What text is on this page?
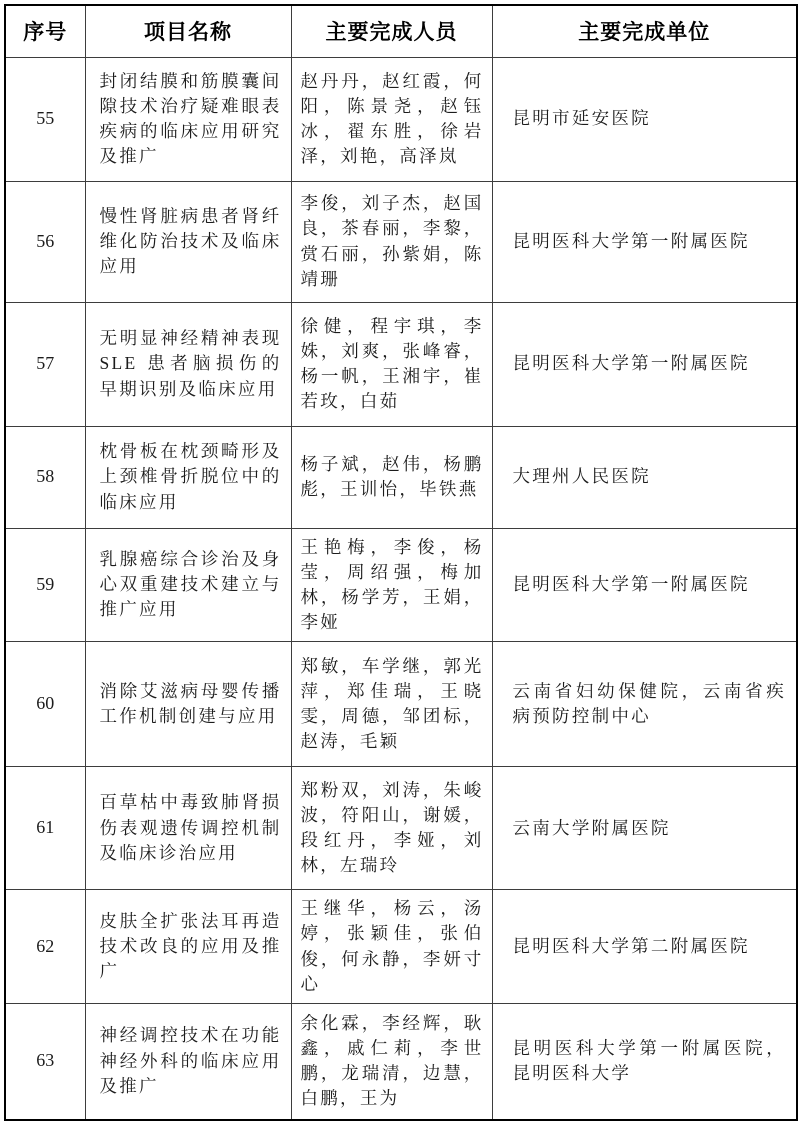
序号	项目名称	主要完成人员	主要完成单位
55	封闭结膜和筋膜囊间隙技术治疗疑难眼表疾病的临床应用研究及推广	赵丹丹，赵红霞，何阳，陈景尧，赵钰冰，翟东胜，徐岩泽，刘艳，高泽岚	昆明市延安医院
56	慢性肾脏病患者肾纤维化防治技术及临床应用	李俊，刘子杰，赵国良，茶春丽，李黎，赏石丽，孙紫娟，陈靖珊	昆明医科大学第一附属医院
57	无明显神经精神表现 SLE 患者脑损伤的早期识别及临床应用	徐健，程宇琪，李姝，刘爽，张峰睿，杨一帆，王湘宇，崔若玫，白茹	昆明医科大学第一附属医院
58	枕骨板在枕颈畸形及上颈椎骨折脱位中的临床应用	杨子斌，赵伟，杨鹏彪，王训怡，毕铁燕	大理州人民医院
59	乳腺癌综合诊治及身心双重建技术建立与推广应用	王艳梅，李俊，杨莹，周绍强，梅加林，杨学芳，王娟，李娅	昆明医科大学第一附属医院
60	消除艾滋病母婴传播工作机制创建与应用	郑敏，车学继，郭光萍，郑佳瑞，王晓雯，周德，邹团标，赵涛，毛颖	云南省妇幼保健院，云南省疾病预防控制中心
61	百草枯中毒致肺肾损伤表观遗传调控机制及临床诊治应用	郑粉双，刘涛，朱峻波，符阳山，谢媛，段红丹，李娅，刘林，左瑞玲	云南大学附属医院
62	皮肤全扩张法耳再造技术改良的应用及推广	王继华，杨云，汤婷，张颖佳，张伯俊，何永静，李妍寸心	昆明医科大学第二附属医院
63	神经调控技术在功能神经外科的临床应用及推广	余化霖，李经辉，耿鑫，戚仁莉，李世鹏，龙瑞清，边慧，白鹏，王为	昆明医科大学第一附属医院，昆明医科大学
